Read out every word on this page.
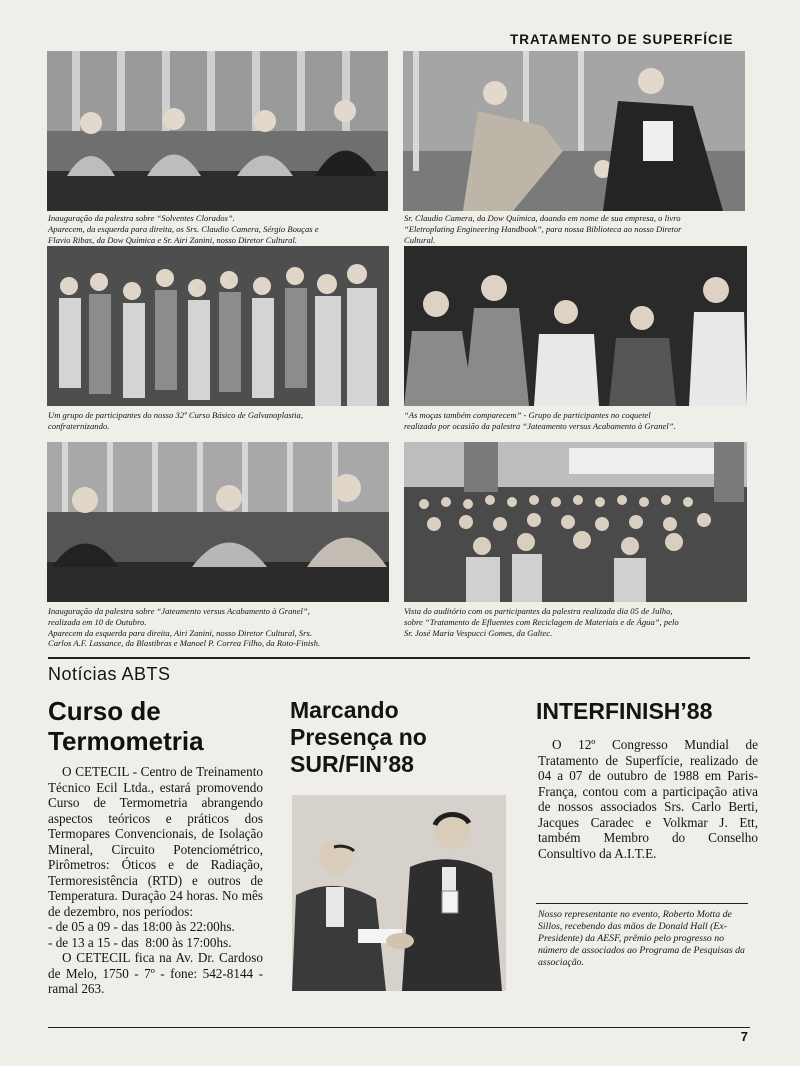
TRATAMENTO DE SUPERFÍCIE
Inauguração da palestra sobre “Solventes Clorados”.
Aparecem, da esquerda para direita, os Srs. Claudio Camera, Sérgio Bouças e
Flavio Ribas, da Dow Química e Sr. Airi Zanini, nosso Diretor Cultural.
Sr. Claudio Camera, da Dow Química, doando em nome de sua empresa, o livro
“Eletroplating Engineering Handbook”, para nossa Biblioteca ao nosso Diretor
Cultural.
Um grupo de participantes do nosso 32º Curso Básico de Galvanoplastia,
confraternizando.
“As moças também comparecem” - Grupo de participantes no coquetel
realizado por ocasião da palestra “Jateamento versus Acabamento à Granel”.
Inauguração da palestra sobre “Jateamento versus Acabamento à Granel”,
realizada em 10 de Outubro.
Aparecem da esquerda para direita, Airi Zanini, nosso Diretor Cultural, Srs.
Carlos A.F. Lassance, da Blastibras e Manoel P. Correa Filho, da Roto-Finish.
Vista do auditório com os participantes da palestra realizada dia 05 de Julho,
sobre “Tratamento de Efluentes com Reciclagem de Materiais e de Água”, pelo
Sr. José Maria Vespucci Gomes, da Galtec.
Notícias ABTS
Curso de
Termometria

O CETECIL - Centro de Treinamento Técnico Ecil Ltda., estará promovendo Curso de Termometria abrangendo aspectos teóricos e práticos dos Termopares Convencionais, de Isolação Mineral, Circuito Potenciométrico, Pirômetros: Óticos e de Radiação, Termoresistência (RTD) e outros de Temperatura. Duração 24 horas. No mês de dezembro, nos períodos:

- de 05 a 09 - das 18:00 às 22:00hs.

- de 13 a 15 - das  8:00 às 17:00hs.

O CETECIL fica na Av. Dr. Cardoso de Melo, 1750 - 7º - fone: 542-8144 - ramal 263.

Marcando
Presença no
SUR/FIN’88
INTERFINISH’88

O 12º Congresso Mundial de Tratamento de Superfície, realizado de 04 a 07 de outubro de 1988 em Paris-França, contou com a participação ativa de nossos associados Srs. Carlo Berti, Jacques Caradec e Volkmar J. Ett, também Membro do Conselho Consultivo da A.I.T.E.

Nosso representante no evento, Roberto Motta de Sillos, recebendo das mãos de Donald Hall (Ex-Presidente) da AESF, prêmio pelo progresso no número de associados ao Programa de Pesquisas da associação.
7
